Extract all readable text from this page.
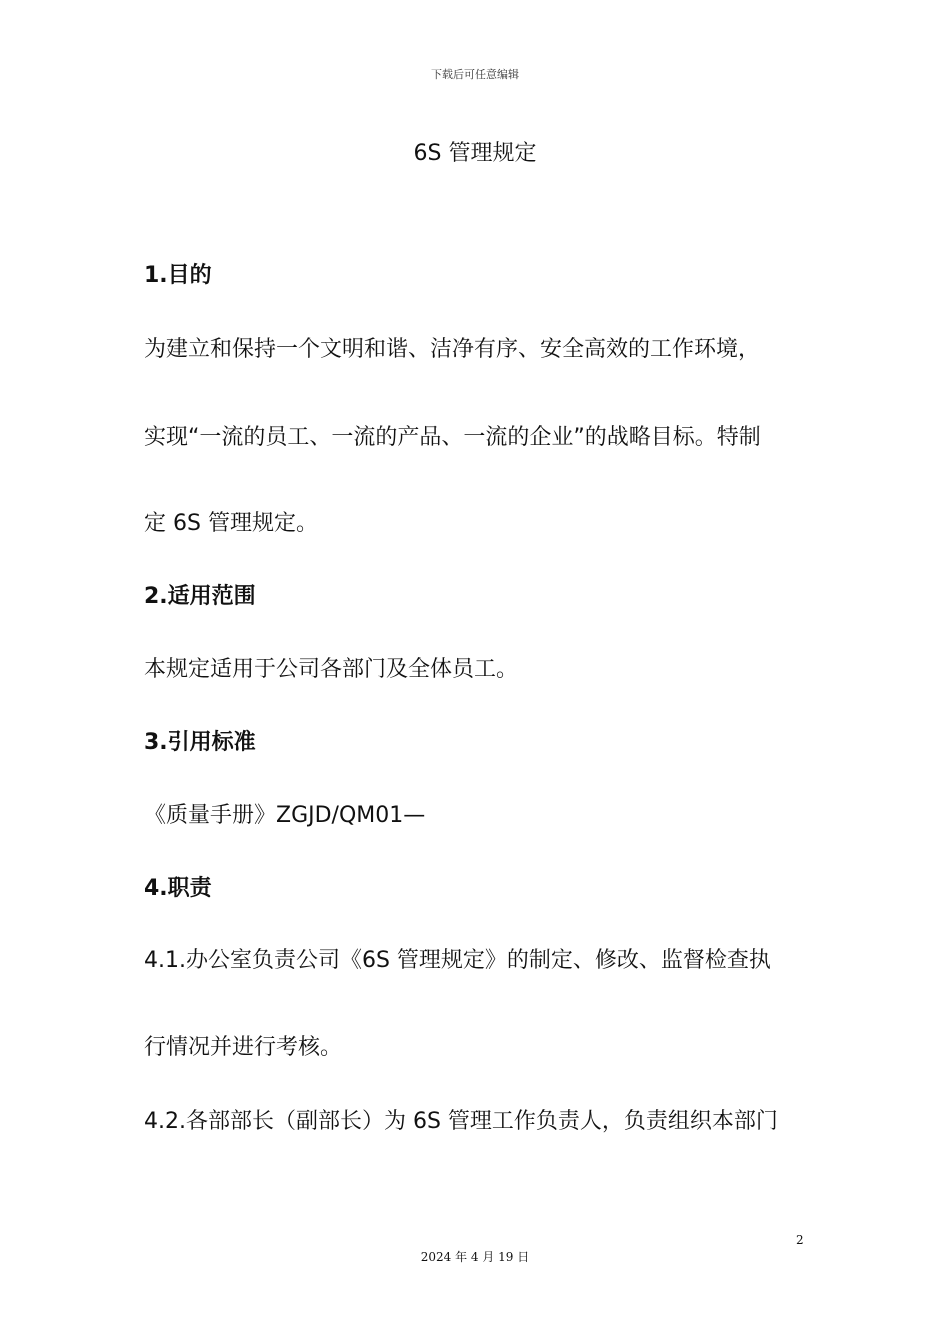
下载后可任意编辑
6S 管理规定

1.目的

为建立和保持一个文明和谐、洁净有序、安全高效的工作环境，

实现“一流的员工、一流的产品、一流的企业”的战略目标。特制

定 6S 管理规定。

2.适用范围

本规定适用于公司各部门及全体员工。

3.引用标准

《质量手册》ZGJD/QM01—

4.职责

4.1.办公室负责公司《6S 管理规定》的制定、修改、监督检查执

行情况并进行考核。

4.2.各部部长（副部长）为 6S 管理工作负责人，负责组织本部门

2
2024 年 4 月 19 日
